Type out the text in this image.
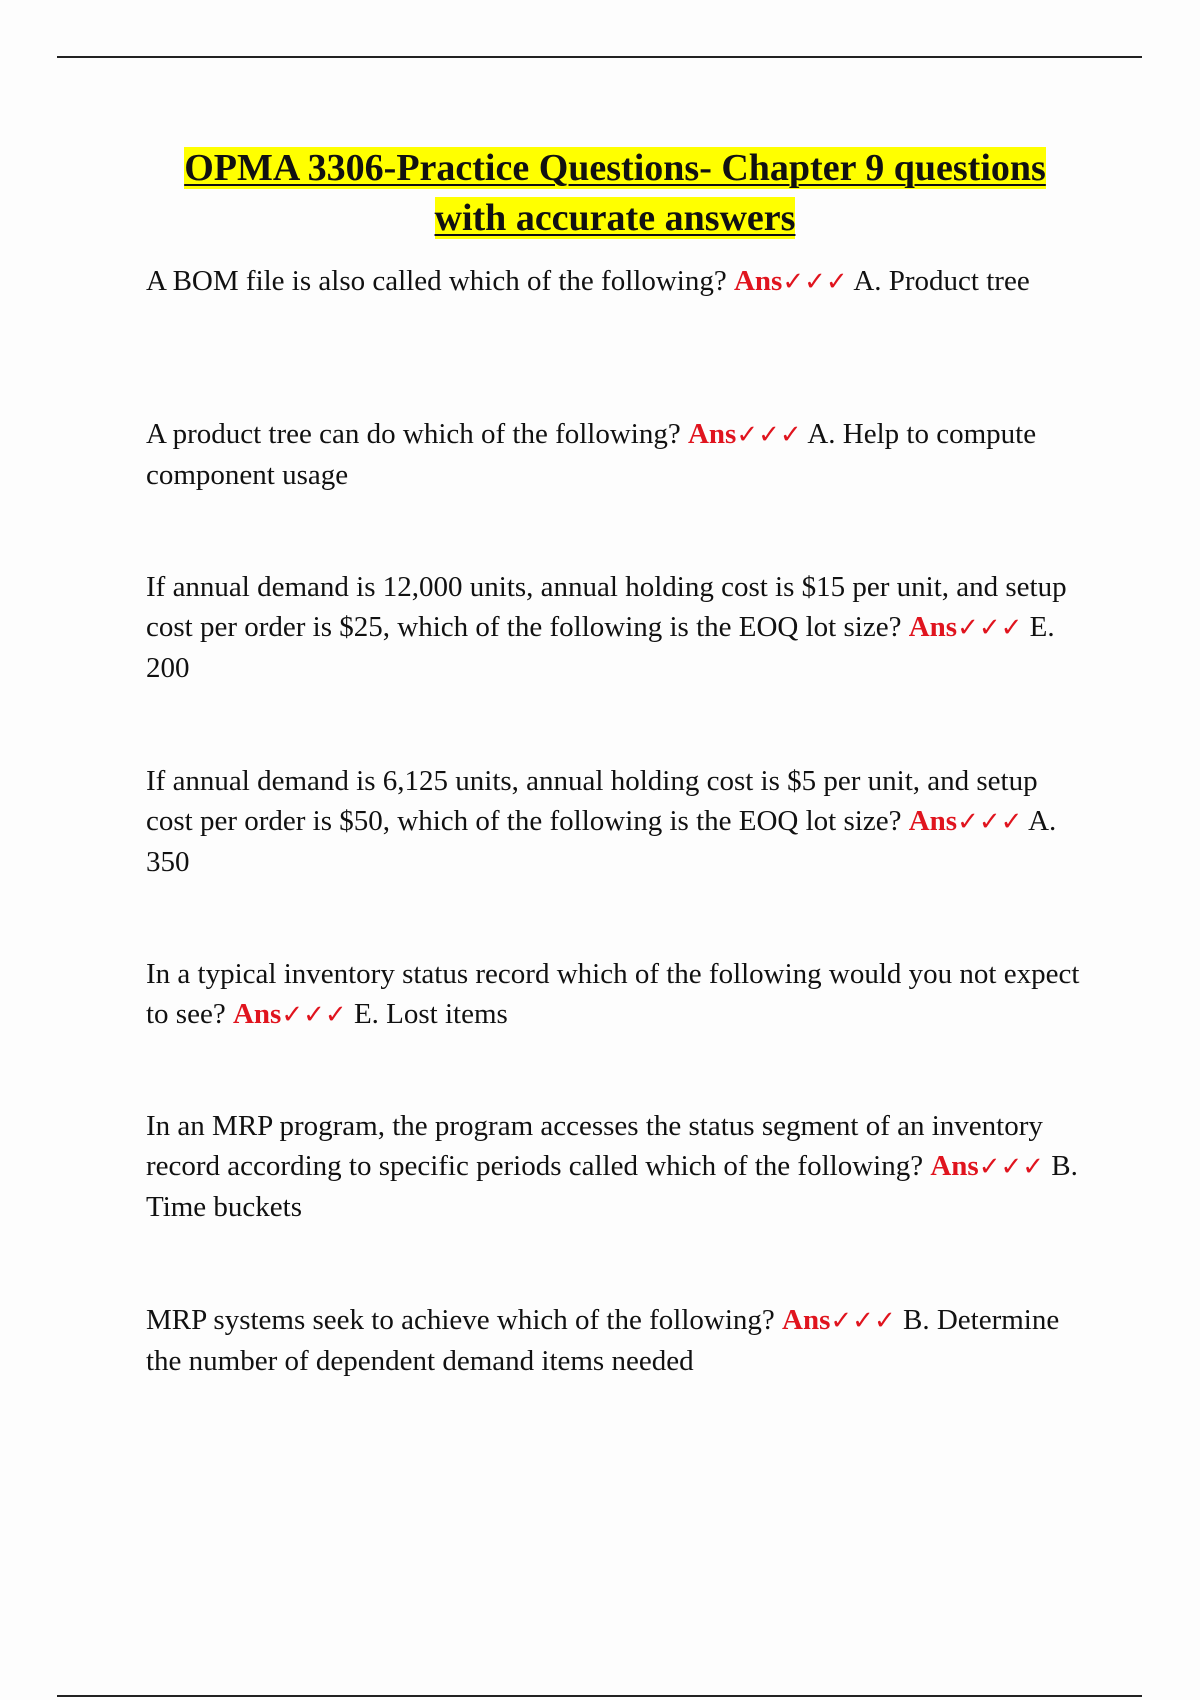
OPMA 3306-Practice Questions- Chapter 9 questions
with accurate answers

A BOM file is also called which of the following? Ans✓✓✓ A. Product tree

A product tree can do which of the following? Ans✓✓✓ A. Help to compute component usage

If annual demand is 12,000 units, annual holding cost is $15 per unit, and setup cost per order is $25, which of the following is the EOQ lot size? Ans✓✓✓ E. 200

If annual demand is 6,125 units, annual holding cost is $5 per unit, and setup cost per order is $50, which of the following is the EOQ lot size? Ans✓✓✓ A. 350

In a typical inventory status record which of the following would you not expect to see? Ans✓✓✓ E. Lost items

In an MRP program, the program accesses the status segment of an inventory record according to specific periods called which of the following? Ans✓✓✓ B. Time buckets

MRP systems seek to achieve which of the following? Ans✓✓✓ B. Determine the number of dependent demand items needed
